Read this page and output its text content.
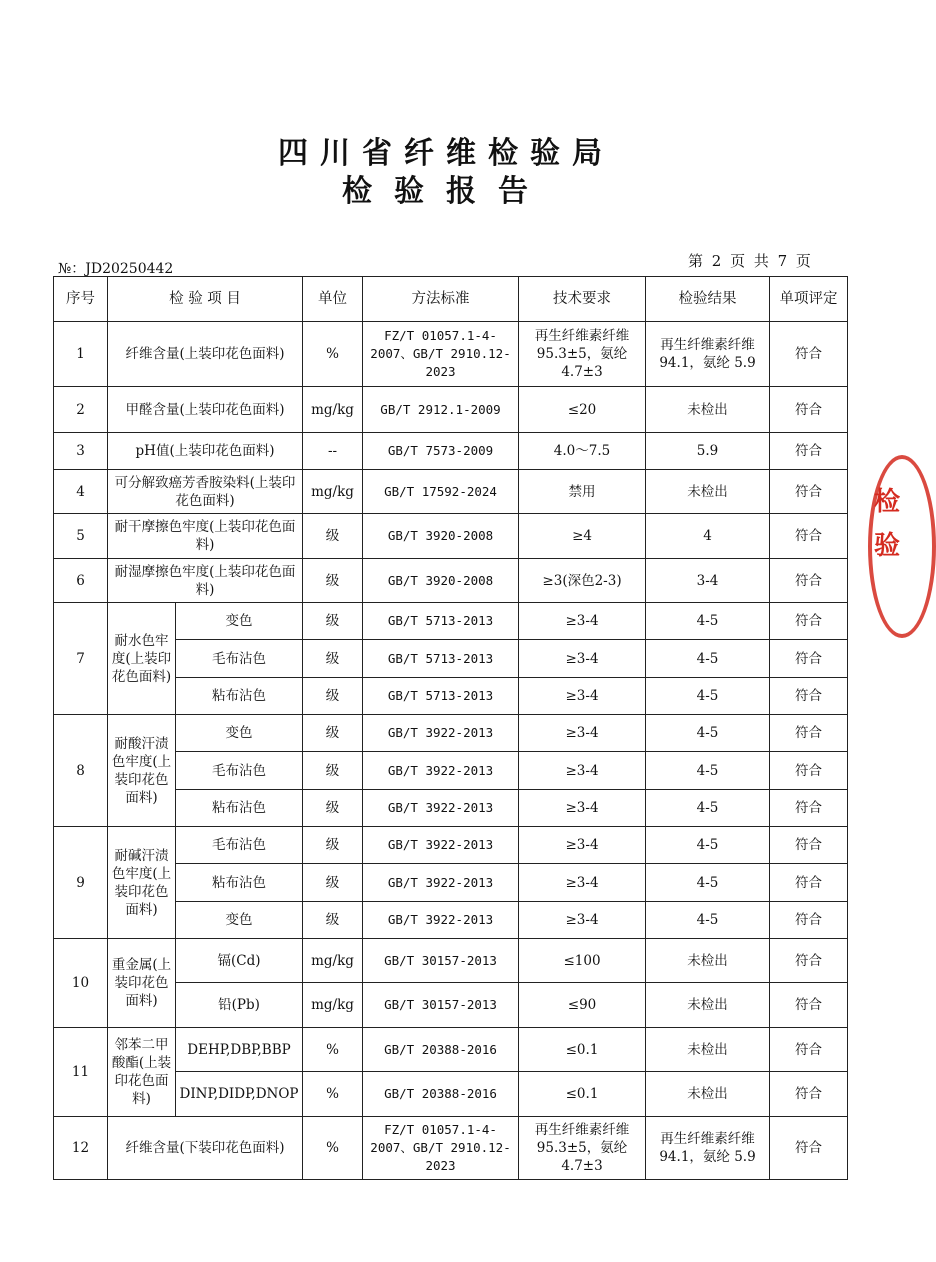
四川省纤维检验局
检验报告
№：JD20250442	第 2 页 共 7 页
序号	检 验 项 目		单位	方法标准	技术要求	检验结果	单项评定
1	纤维含量(上装印花色面料)		%	FZ/T 01057.1-4-2007、GB/T 2910.12-2023	再生纤维素纤维95.3±5，氨纶4.7±3	再生纤维素纤维94.1，氨纶 5.9	符合
2	甲醛含量(上装印花色面料)		mg/kg	GB/T 2912.1-2009	≤20	未检出	符合
3	pH值(上装印花色面料)		--	GB/T 7573-2009	4.0～7.5	5.9	符合
4	可分解致癌芳香胺染料(上装印花色面料)		mg/kg	GB/T 17592-2024	禁用	未检出	符合
5	耐干摩擦色牢度(上装印花色面料)		级	GB/T 3920-2008	≥4	4	符合
6	耐湿摩擦色牢度(上装印花色面料)		级	GB/T 3920-2008	≥3(深色2-3)	3-4	符合
7	耐水色牢度(上装印花色面料)	变色	级	GB/T 5713-2013	≥3-4	4-5	符合
		毛布沾色	级	GB/T 5713-2013	≥3-4	4-5	符合
		粘布沾色	级	GB/T 5713-2013	≥3-4	4-5	符合
8	耐酸汗渍色牢度(上装印花色面料)	变色	级	GB/T 3922-2013	≥3-4	4-5	符合
		毛布沾色	级	GB/T 3922-2013	≥3-4	4-5	符合
		粘布沾色	级	GB/T 3922-2013	≥3-4	4-5	符合
9	耐碱汗渍色牢度(上装印花色面料)	毛布沾色	级	GB/T 3922-2013	≥3-4	4-5	符合
		粘布沾色	级	GB/T 3922-2013	≥3-4	4-5	符合
		变色	级	GB/T 3922-2013	≥3-4	4-5	符合
10	重金属(上装印花色面料)	镉(Cd)	mg/kg	GB/T 30157-2013	≤100	未检出	符合
		铅(Pb)	mg/kg	GB/T 30157-2013	≤90	未检出	符合
11	邻苯二甲酸酯(上装印花色面料)	DEHP,DBP,BBP	%	GB/T 20388-2016	≤0.1	未检出	符合
		DINP,DIDP,DNOP	%	GB/T 20388-2016	≤0.1	未检出	符合
12	纤维含量(下装印花色面料)		%	FZ/T 01057.1-4-2007、GB/T 2910.12-2023	再生纤维素纤维95.3±5，氨纶4.7±3	再生纤维素纤维94.1，氨纶 5.9	符合
检验
